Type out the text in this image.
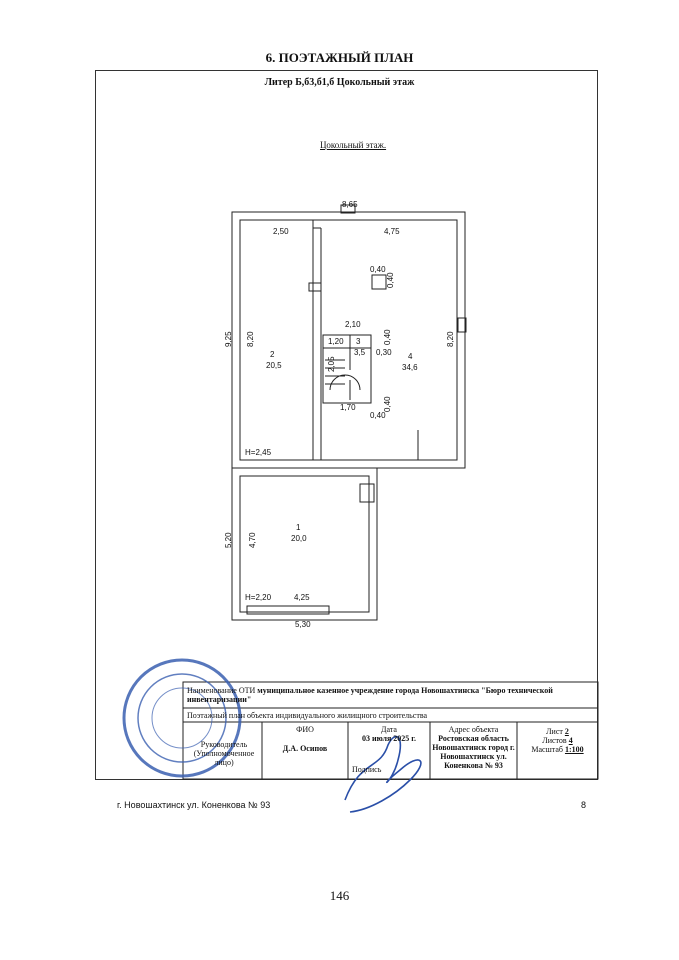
6. ПОЭТАЖНЫЙ ПЛАН
Литер Б,б3,б1,б Цокольный этаж
Цокольный этаж.
8,65
2,50	4,75
0,40
0,40
2,10
1,20 3
3,5 0,30 4
34,6
1,70
0,40
2
20,5
H=2,45
1
20,0
H=2,20	4,25
5,30
9,25 8,20	8,20
2,05
0,40
0,40
5,20 4,70
Наименование ОТИ муниципальное казенное учреждение города Новошахтинска "Бюро технической инвентаризации"
Поэтажный план объекта индивидуального жилищного строительства
Руководитель (Уполномоченное лицо)
ФИО
Д.А. Осипов
Дата
03 июля 2025 г.
Подпись
Адрес объекта
Ростовская область Новошахтинск город г. Новошахтинск ул. Коненкова № 93
Лист 2
Листов 4
Масштаб 1:100
г. Новошахтинск ул. Коненкова № 93	8
146
